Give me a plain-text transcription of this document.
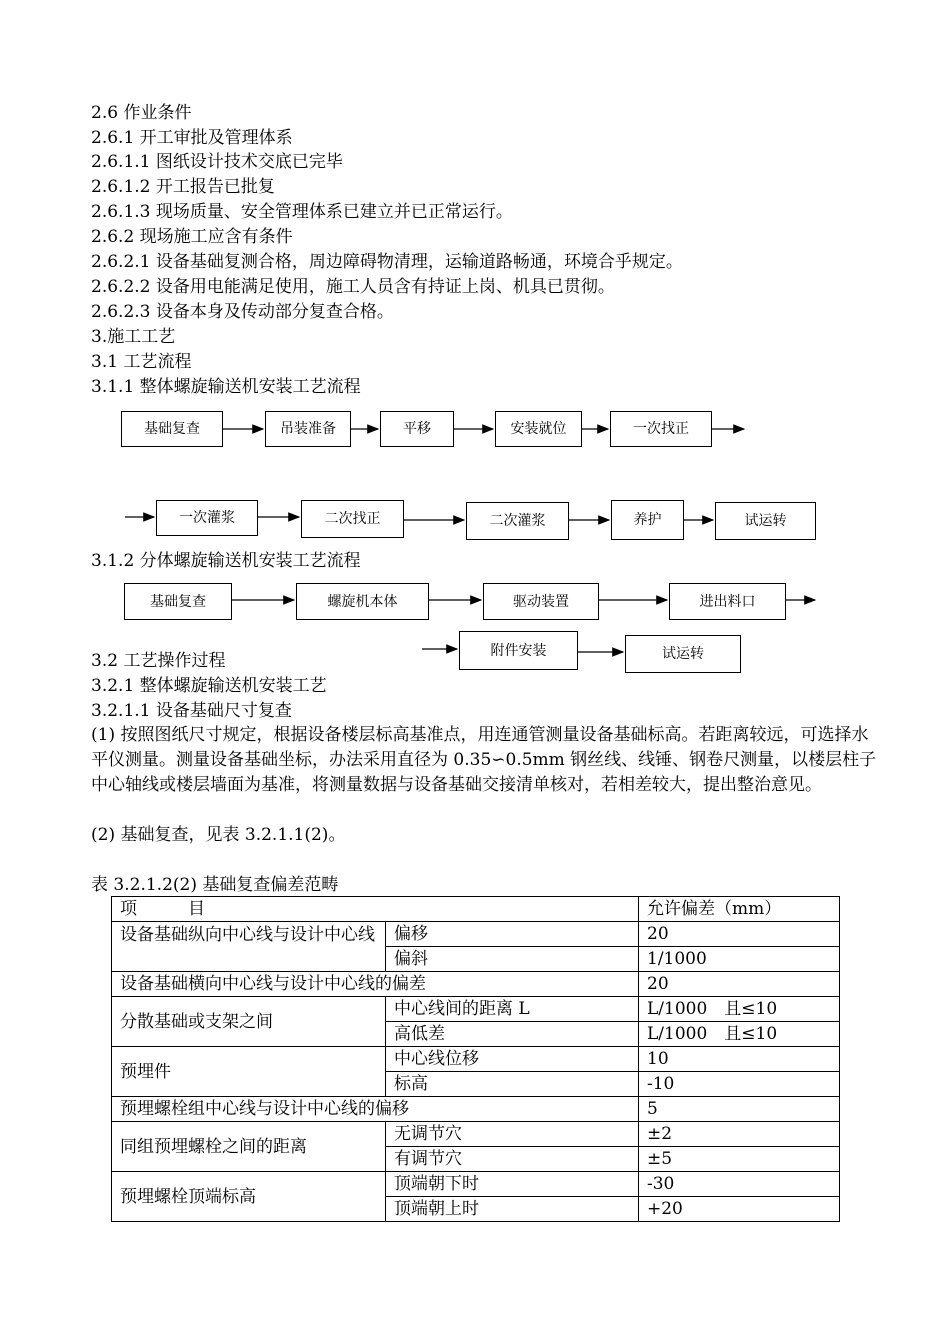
2.6 作业条件
2.6.1 开工审批及管理体系
2.6.1.1 图纸设计技术交底已完毕
2.6.1.2 开工报告已批复
2.6.1.3 现场质量、安全管理体系已建立并已正常运行。
2.6.2 现场施工应含有条件
2.6.2.1 设备基础复测合格，周边障碍物清理，运输道路畅通，环境合乎规定。
2.6.2.2 设备用电能满足使用，施工人员含有持证上岗、机具已贯彻。
2.6.2.3 设备本身及传动部分复查合格。
3.施工工艺
3.1 工艺流程
3.1.1 整体螺旋输送机安装工艺流程
基础复查	吊装准备	平移	安装就位	一次找正
一次灌浆	二次找正	二次灌浆	养护	试运转
3.1.2 分体螺旋输送机安装工艺流程
基础复查	螺旋机本体	驱动装置	进出料口
附件安装	试运转
3.2 工艺操作过程
3.2.1 整体螺旋输送机安装工艺
3.2.1.1 设备基础尺寸复查
(1) 按照图纸尺寸规定，根据设备楼层标高基准点，用连通管测量设备基础标高。若距离较远，可选择水平仪测量。测量设备基础坐标，办法采用直径为 0.35∽0.5mm 钢丝线、线锤、钢卷尺测量，以楼层柱子中心轴线或楼层墙面为基准，将测量数据与设备基础交接清单核对，若相差较大，提出整治意见。
(2) 基础复查，见表 3.2.1.1(2)。
表 3.2.1.2(2) 基础复查偏差范畴
项　　　目		允许偏差（mm）
设备基础纵向中心线与设计中心线	偏移	20
	偏斜	1/1000
设备基础横向中心线与设计中心线的偏差		20
分散基础或支架之间	中心线间的距离 L	L/1000　且≤10
	高低差	L/1000　且≤10
预埋件	中心线位移	10
	标高	-10
预埋螺栓组中心线与设计中心线的偏移		5
同组预埋螺栓之间的距离	无调节穴	±2
	有调节穴	±5
预埋螺栓顶端标高	顶端朝下时	-30
	顶端朝上时	+20
